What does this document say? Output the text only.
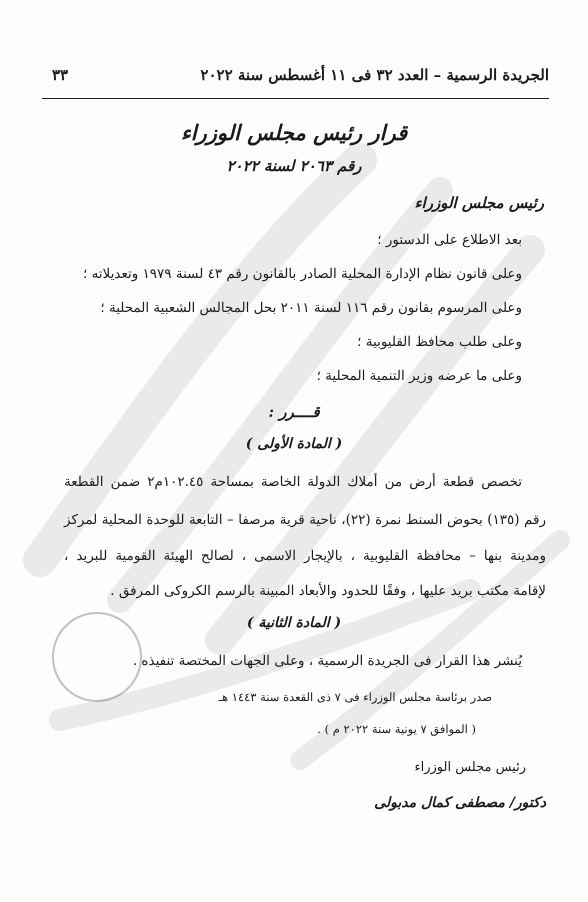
الجريدة الرسمية – العدد ٣٢ فى ١١ أغسطس سنة ٢٠٢٢
٣٣
قرار رئيس مجلس الوزراء
رقم ٢٠٦٣ لسنة ٢٠٢٢
رئيس مجلس الوزراء
بعد الاطلاع على الدستور ؛
وعلى قانون نظام الإدارة المحلية الصادر بالقانون رقم ٤٣ لسنة ١٩٧٩ وتعديلاته ؛
وعلى المرسوم بقانون رقم ١١٦ لسنة ٢٠١١ بحل المجالس الشعبية المحلية ؛
وعلى طلب محافظ القليوبية ؛
وعلى ما عرضه وزير التنمية المحلية ؛
قــــرر :
( المادة الأولى )
تخصص قطعة أرض من أملاك الدولة الخاصة بمساحة ١٠٢.٤٥م٢ ضمن القطعة
رقم (١٣٥) بحوض السنط نمرة (٢٢)، ناحية قرية مرصفا – التابعة للوحدة المحلية لمركز
ومدينة بنها – محافظة القليوبية ، بالإيجار الاسمى ، لصالح الهيئة القومية للبريد ،
لإقامة مكتب بريد عليها ، وفقًا للحدود والأبعاد المبينة بالرسم الكروكى المرفق .
( المادة الثانية )
يُنشر هذا القرار فى الجريدة الرسمية ، وعلى الجهات المختصة تنفيذه .
صدر برئاسة مجلس الوزراء فى ٧ ذى القعدة سنة ١٤٤٣ هـ
( الموافق ٧ يونية سنة ٢٠٢٢ م ) .
رئيس مجلس الوزراء
دكتور/ مصطفى كمال مدبولى
